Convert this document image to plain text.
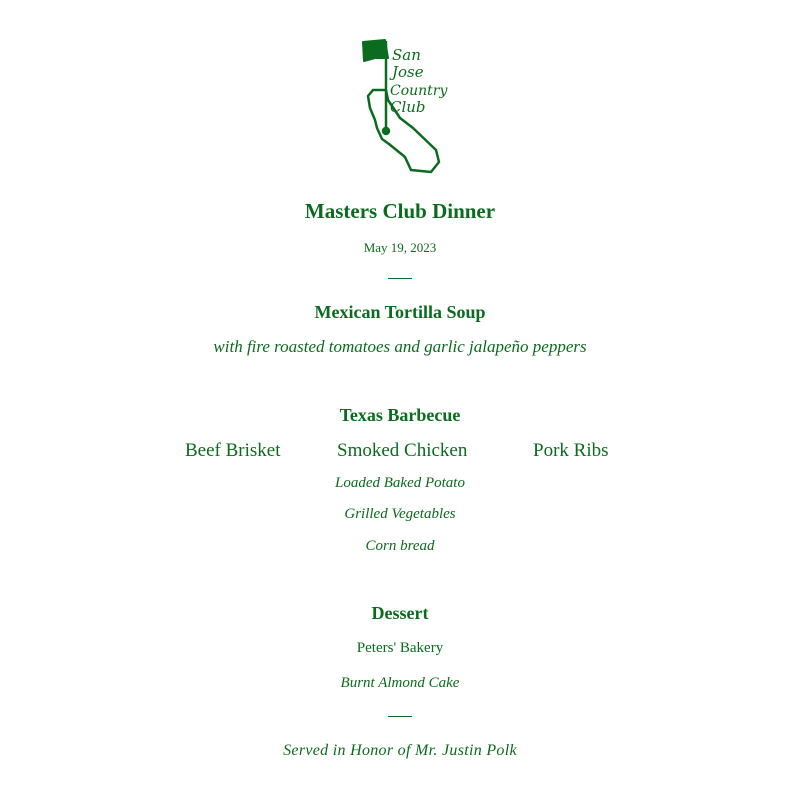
San
Jose
Country
Club
Masters Club Dinner
May 19, 2023
Mexican Tortilla Soup
with fire roasted tomatoes and garlic jalapeño peppers
Texas Barbecue
Beef Brisket	Smoked Chicken	Pork Ribs
Loaded Baked Potato
Grilled Vegetables
Corn bread
Dessert
Peters' Bakery
Burnt Almond Cake
Served in Honor of Mr. Justin Polk
